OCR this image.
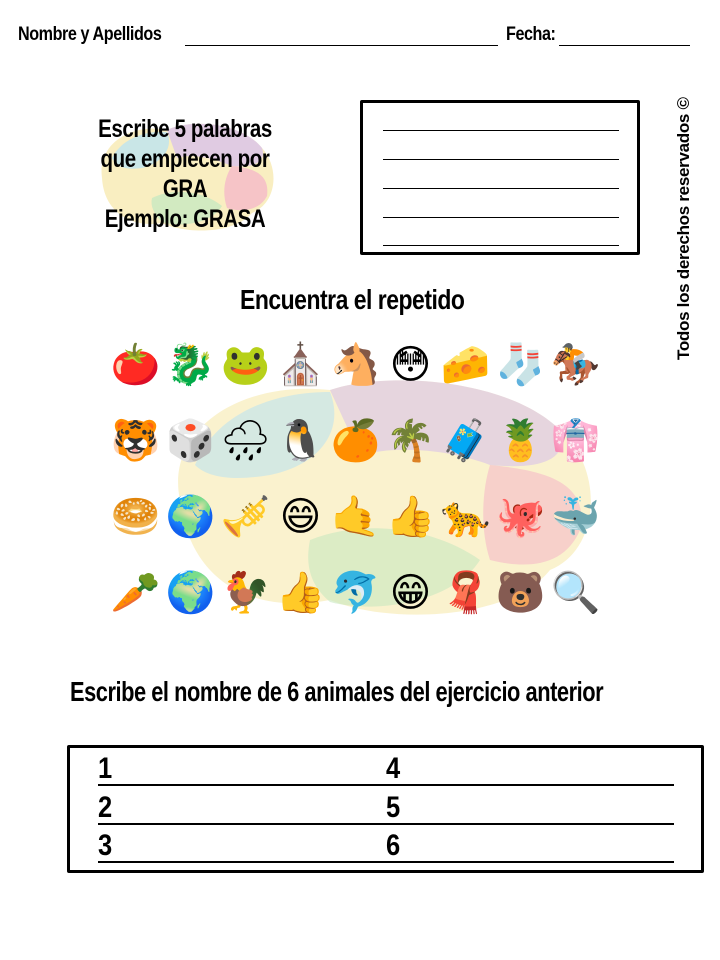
Nombre y Apellidos	Fecha:
Escribe 5 palabras
que empiecen por
GRA
Ejemplo: GRASA	Todos los derechos reservados ©
Encuentra el repetido
🍅 🐉 🐸 ⛪ 🐴 😳 🧀 🧦 🏇
🐯 🎲 🌧 🐧 🍊 🌴 🧳 🍍 👘
🥯 🌍 🎺 😄 🤙 👍 🐆 🐙 🐳
🥕 🌍 🐓 👍 🐬 😁 🧣 🐻 🔍
Escribe el nombre de 6 animales del ejercicio anterior
1
2
3
4
5
6
